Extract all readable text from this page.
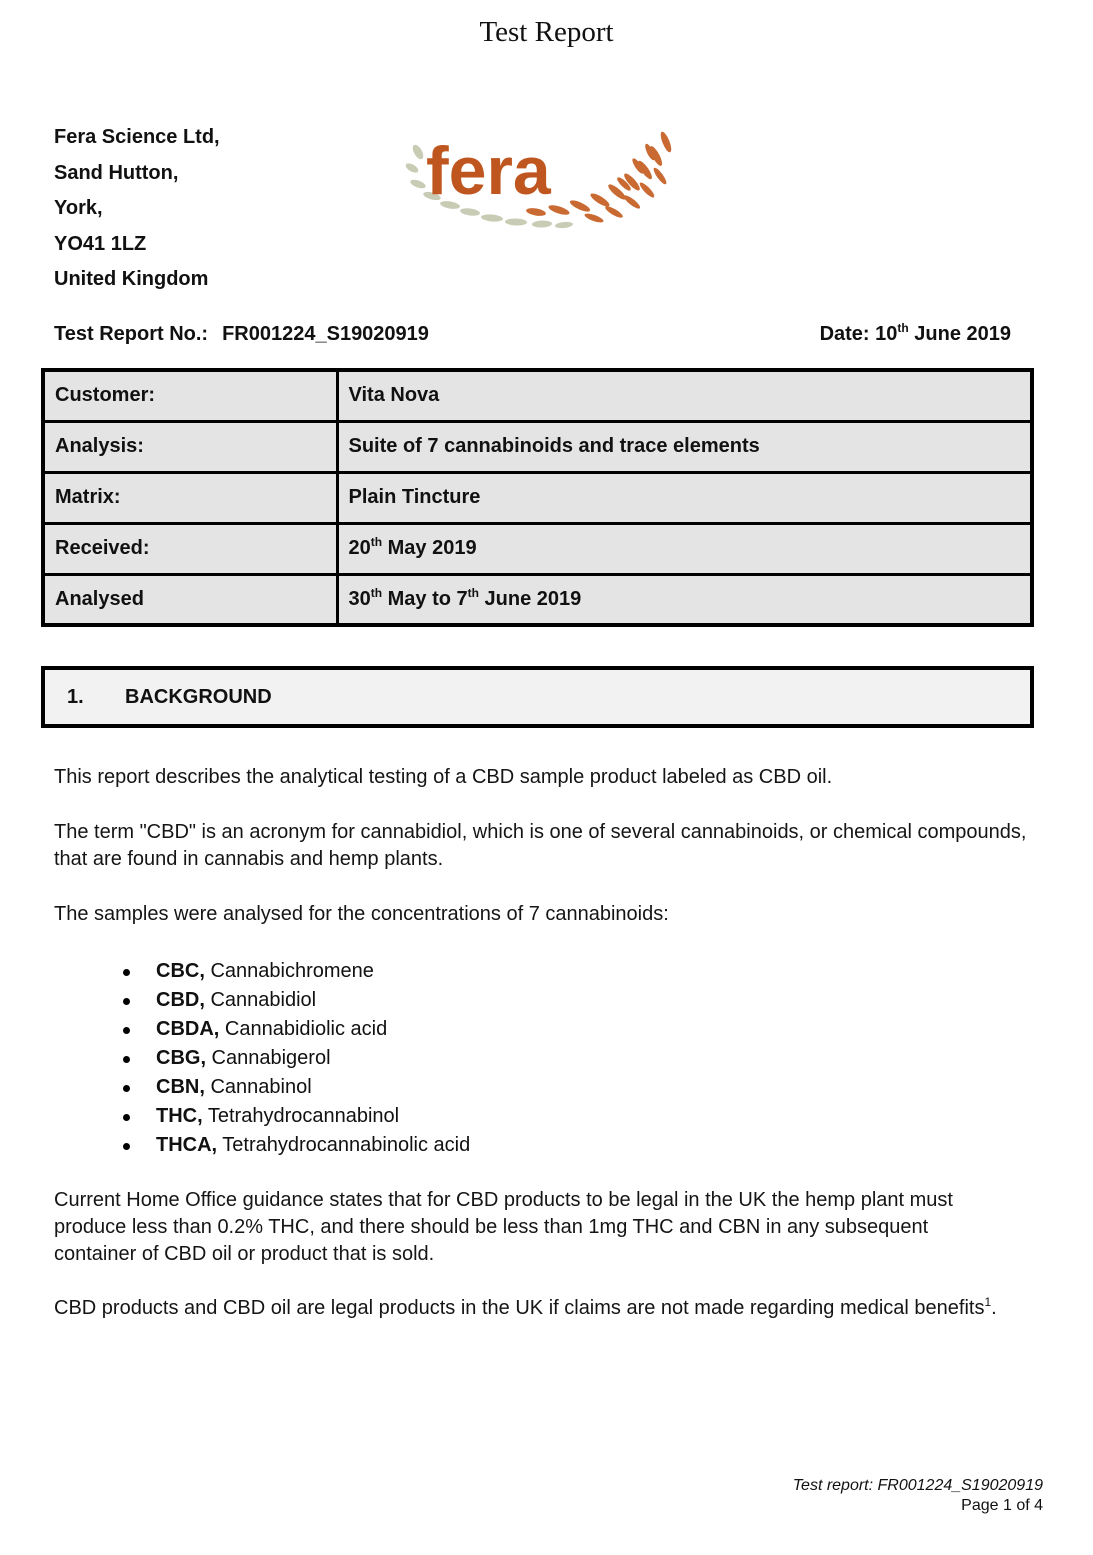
Test Report
Fera Science Ltd,
Sand Hutton,
York,
YO41 1LZ
United Kingdom
fera
Test Report No.: FR001224_S19020919	Date: 10th June 2019
Customer:	Vita Nova
Analysis:	Suite of 7 cannabinoids and trace elements
Matrix:	Plain Tincture
Received:	20th May 2019
Analysed	30th May to 7th June 2019
1.	BACKGROUND

This report describes the analytical testing of a CBD sample product labeled as CBD oil.

The term "CBD" is an acronym for cannabidiol, which is one of several cannabinoids, or chemical compounds, that are found in cannabis and hemp plants.

The samples were analysed for the concentrations of 7 cannabinoids:

CBC, Cannabichromene
CBD, Cannabidiol
CBDA, Cannabidiolic acid
CBG, Cannabigerol
CBN, Cannabinol
THC, Tetrahydrocannabinol
THCA, Tetrahydrocannabinolic acid

Current Home Office guidance states that for CBD products to be legal in the UK the hemp plant must produce less than 0.2% THC, and there should be less than 1mg THC and CBN in any subsequent container of CBD oil or product that is sold.

CBD products and CBD oil are legal products in the UK if claims are not made regarding medical benefits$^1$.

Test report: FR001224_S19020919
Page 1 of 4
